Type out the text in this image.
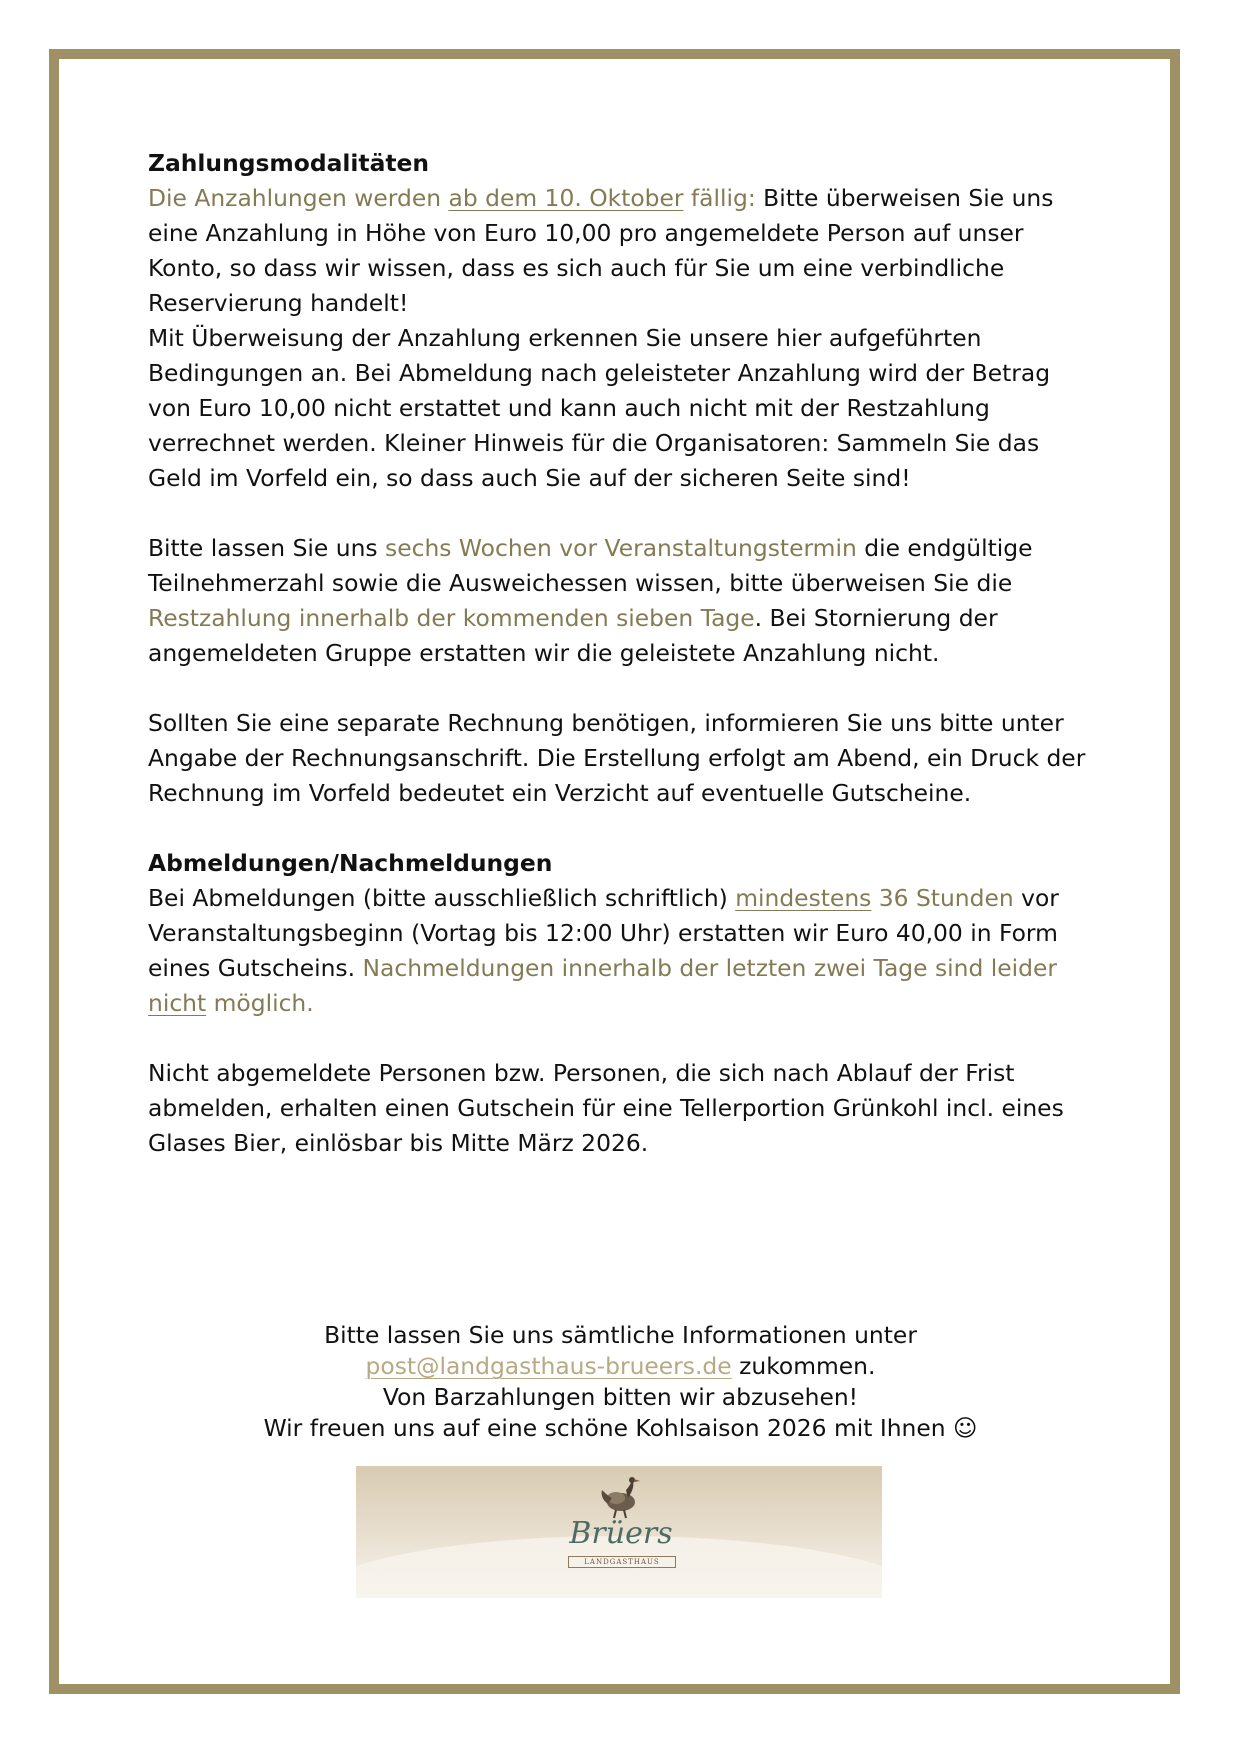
Zahlungsmodalitäten

Die Anzahlungen werden ab dem 10. Oktober fällig: Bitte überweisen Sie uns eine Anzahlung in Höhe von Euro 10,00 pro angemeldete Person auf unser Konto, so dass wir wissen, dass es sich auch für Sie um eine verbindliche Reservierung handelt!

Mit Überweisung der Anzahlung erkennen Sie unsere hier aufgeführten Bedingungen an. Bei Abmeldung nach geleisteter Anzahlung wird der Betrag von Euro 10,00 nicht erstattet und kann auch nicht mit der Restzahlung verrechnet werden. Kleiner Hinweis für die Organisatoren: Sammeln Sie das Geld im Vorfeld ein, so dass auch Sie auf der sicheren Seite sind!

Bitte lassen Sie uns sechs Wochen vor Veranstaltungstermin die endgültige Teilnehmerzahl sowie die Ausweichessen wissen, bitte überweisen Sie die Restzahlung innerhalb der kommenden sieben Tage. Bei Stornierung der angemeldeten Gruppe erstatten wir die geleistete Anzahlung nicht.

Sollten Sie eine separate Rechnung benötigen, informieren Sie uns bitte unter Angabe der Rechnungsanschrift. Die Erstellung erfolgt am Abend, ein Druck der Rechnung im Vorfeld bedeutet ein Verzicht auf eventuelle Gutscheine.

Abmeldungen/Nachmeldungen

Bei Abmeldungen (bitte ausschließlich schriftlich) mindestens 36 Stunden vor Veranstaltungsbeginn (Vortag bis 12:00 Uhr) erstatten wir Euro 40,00 in Form eines Gutscheins. Nachmeldungen innerhalb der letzten zwei Tage sind leider nicht möglich.

Nicht abgemeldete Personen bzw. Personen, die sich nach Ablauf der Frist abmelden, erhalten einen Gutschein für eine Tellerportion Grünkohl incl. eines Glases Bier, einlösbar bis Mitte März 2026.

Bitte lassen Sie uns sämtliche Informationen unter
post@landgasthaus-brueers.de zukommen.
Von Barzahlungen bitten wir abzusehen!
Wir freuen uns auf eine schöne Kohlsaison 2026 mit Ihnen ☺
Brüers
LANDGASTHAUS
